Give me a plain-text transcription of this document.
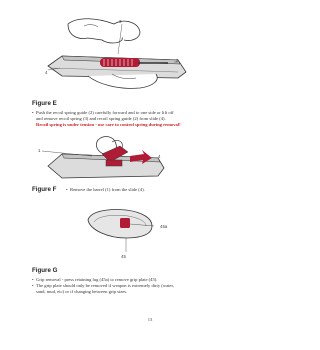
3
2
4
Figure E
• Push the recoil spring guide (2) carefully forward and to one side or lift off
and remove recoil spring (3) and recoil spring guide (2) from slide (4).
Recoil spring is under tension - use care to control spring during removal!
1
4
Figure F
•	Remove the barrel (1) from the slide (4).
45a
45
Figure G
• Grip removal - press retaining lug (45a) to remove grip plate (45).
• The grip plate should only be removed if weapon is extremely dirty (water,
sand, mud, etc) or if changing between grip sizes.
13
